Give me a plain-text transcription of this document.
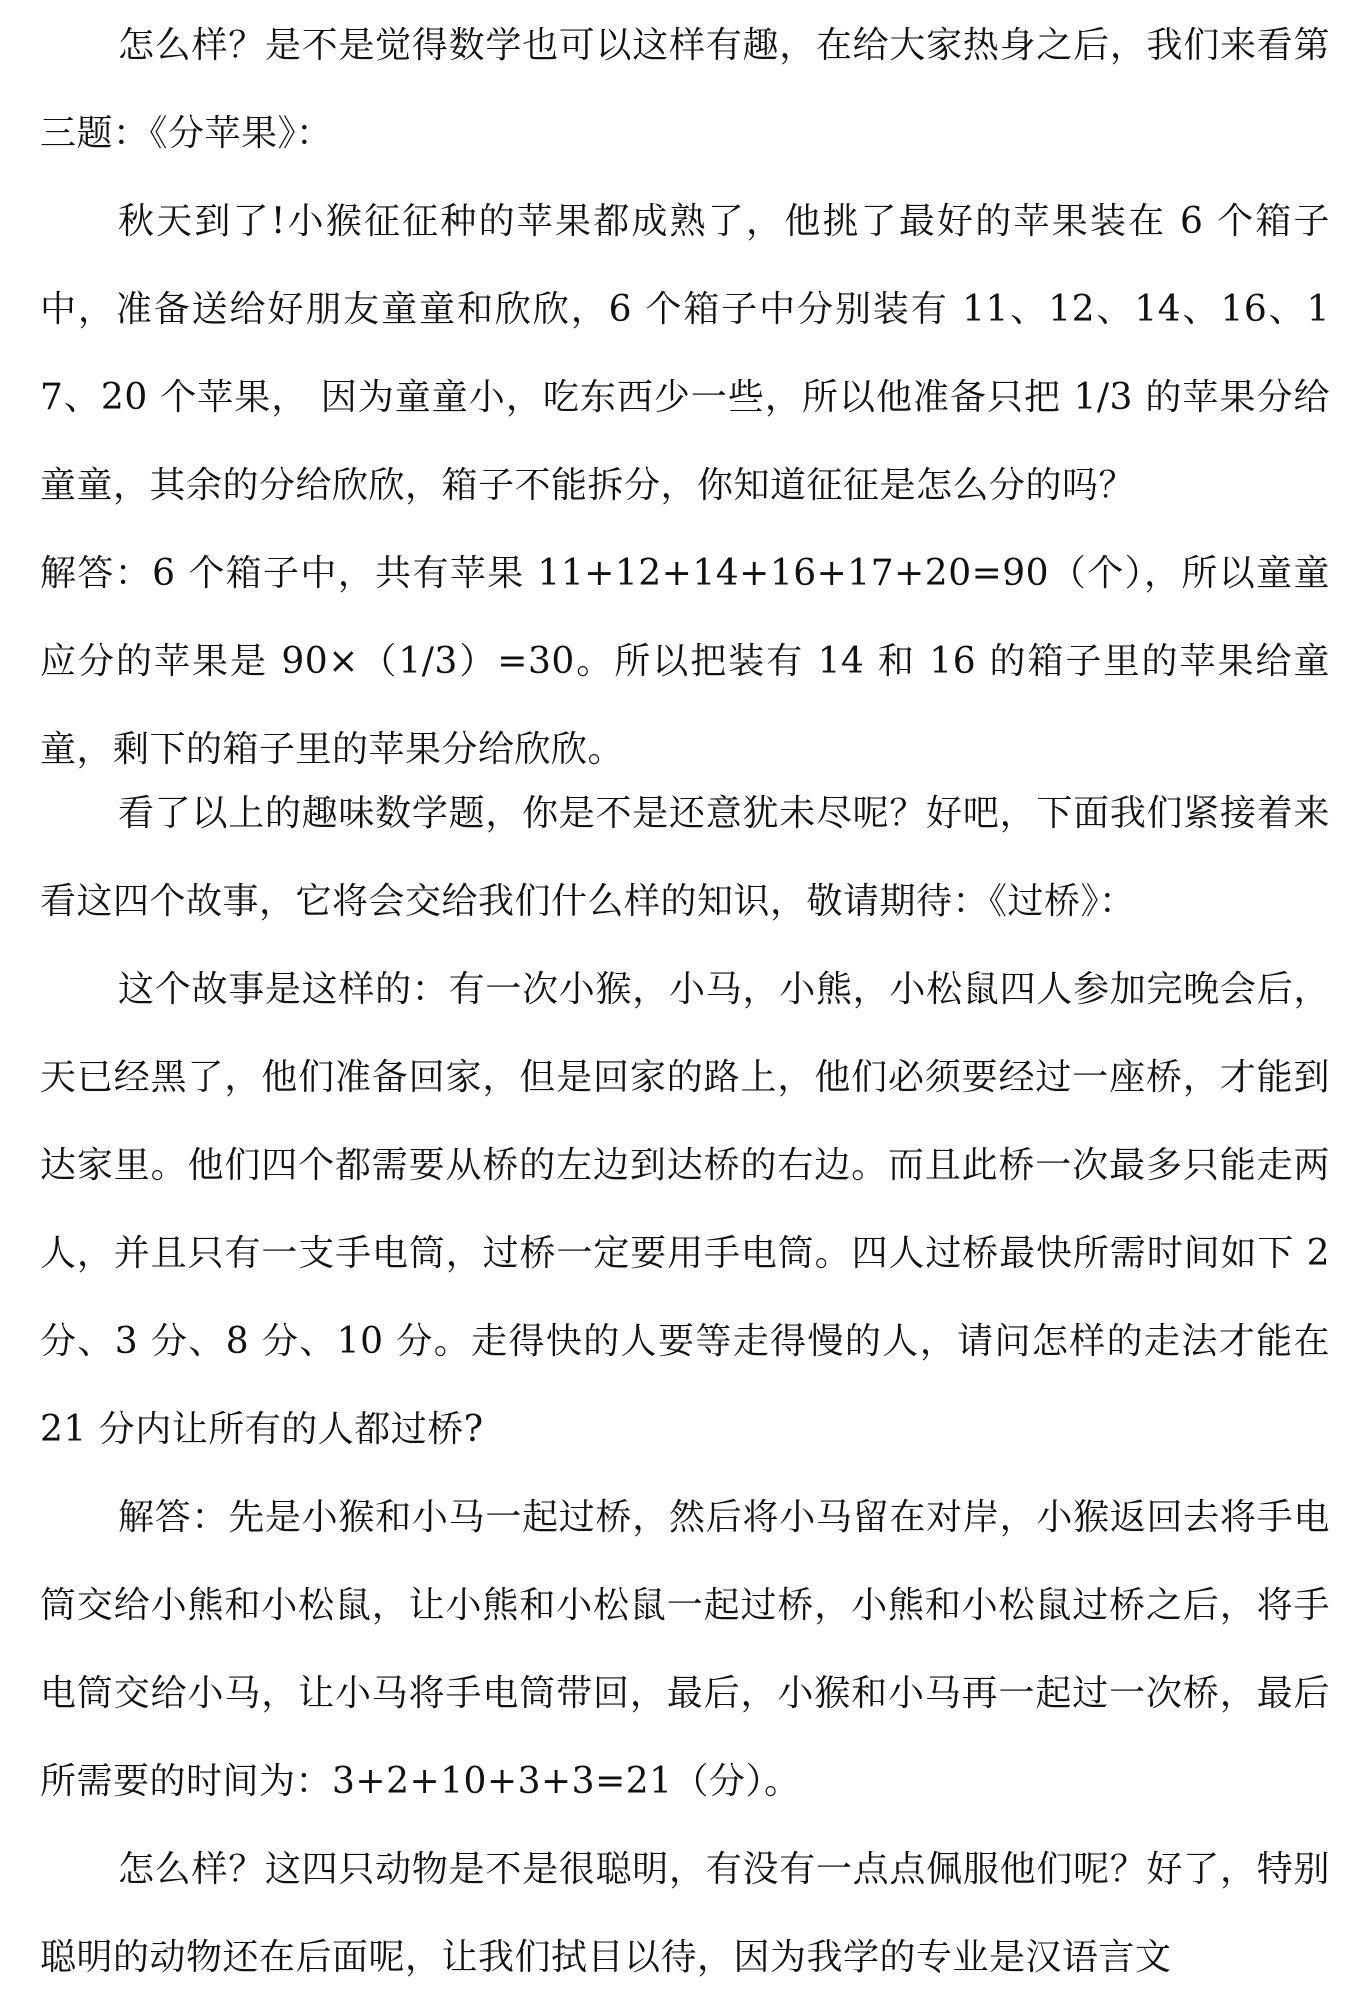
怎么样？是不是觉得数学也可以这样有趣，在给大家热身之后，我们来看第三题：《分苹果》：

秋天到了!小猴征征种的苹果都成熟了，他挑了最好的苹果装在 6 个箱子中，准备送给好朋友童童和欣欣，6 个箱子中分别装有 11、12、14、16、17、20 个苹果， 因为童童小，吃东西少一些，所以他准备只把 1/3 的苹果分给童童，其余的分给欣欣，箱子不能拆分，你知道征征是怎么分的吗？

解答：6 个箱子中，共有苹果 11+12+14+16+17+20=90（个），所以童童应分的苹果是 90×（1/3）=30。所以把装有 14 和 16 的箱子里的苹果给童童，剩下的箱子里的苹果分给欣欣。

看了以上的趣味数学题，你是不是还意犹未尽呢？好吧，下面我们紧接着来看这四个故事，它将会交给我们什么样的知识，敬请期待：《过桥》：

这个故事是这样的：有一次小猴，小马，小熊，小松鼠四人参加完晚会后，天已经黑了，他们准备回家，但是回家的路上，他们必须要经过一座桥，才能到达家里。他们四个都需要从桥的左边到达桥的右边。而且此桥一次最多只能走两人，并且只有一支手电筒，过桥一定要用手电筒。四人过桥最快所需时间如下 2 分、3 分、8 分、10 分。走得快的人要等走得慢的人，请问怎样的走法才能在 21 分内让所有的人都过桥?

解答：先是小猴和小马一起过桥，然后将小马留在对岸，小猴返回去将手电筒交给小熊和小松鼠，让小熊和小松鼠一起过桥，小熊和小松鼠过桥之后，将手电筒交给小马，让小马将手电筒带回，最后，小猴和小马再一起过一次桥，最后所需要的时间为：3+2+10+3+3=21（分）。

怎么样？这四只动物是不是很聪明，有没有一点点佩服他们呢？好了，特别聪明的动物还在后面呢，让我们拭目以待，因为我学的专业是汉语言文
